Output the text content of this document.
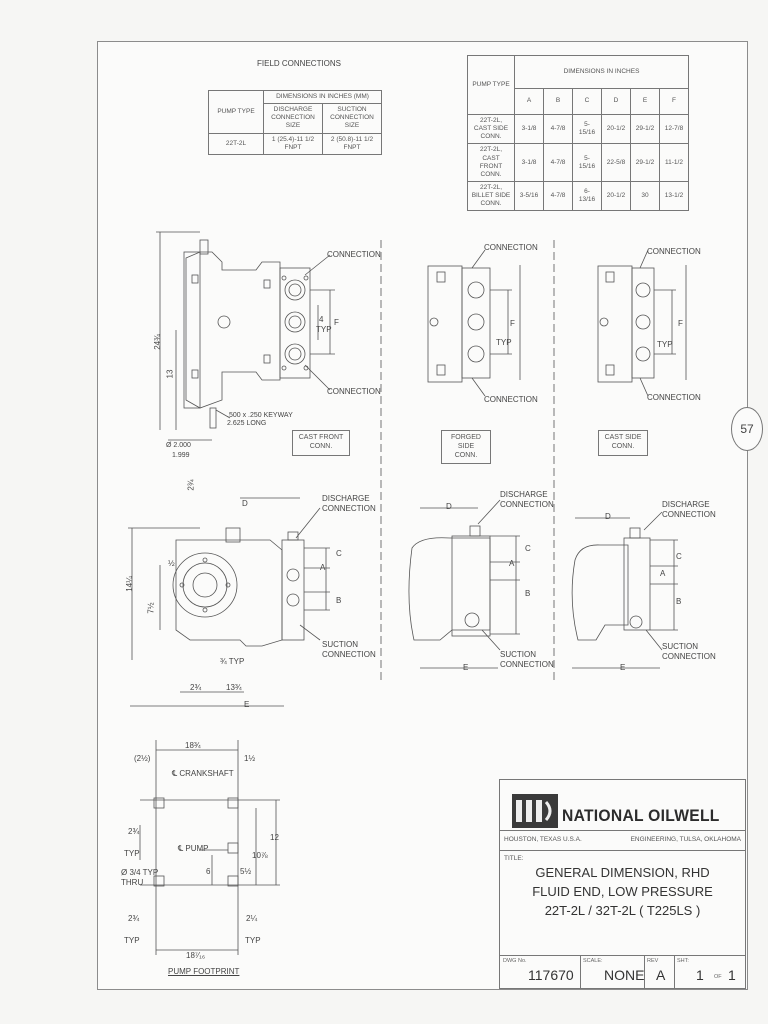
FIELD CONNECTIONS
PUMP TYPE	DIMENSIONS IN INCHES (MM)	
	DISCHARGE CONNECTION SIZE	SUCTION CONNECTION SIZE
22T-2L	1 (25.4)-11 1/2 FNPT	2 (50.8)-11 1/2 FNPT
PUMP TYPE	DIMENSIONS IN INCHES					
	A	B	C	D	E	F
22T-2L, CAST SIDE CONN.	3-1/8	4-7/8	5-15/16	20-1/2	29-1/2	12-7/8
22T-2L, CAST FRONT CONN.	3-1/8	4-7/8	5-15/16	22-5/8	29-1/2	11-1/2
22T-2L, BILLET SIDE CONN.	3-5/16	4-7/8	6-13/16	20-1/2	30	13-1/2
57
CONNECTION
CONNECTION
4
TYP
F
24¾
13
.500 x .250 KEYWAY 2.625 LONG
Ø 2.000
1.999
CAST FRONT CONN.
FORGED SIDE CONN.
CAST SIDE CONN.
CONNECTION
CONNECTION
TYP
F
CONNECTION
CONNECTION
TYP
F
DISCHARGE CONNECTION
SUCTION CONNECTION
D
E
C
A
B
14¼
7½
½
2¾
¾ TYP
2¾	13¾
DISCHARGE CONNECTION
SUCTION CONNECTION
D
E
C
A
B
DISCHARGE CONNECTION
SUCTION CONNECTION
D
E
C
A
B
18¾
(2½)	1½
℄ CRANKSHAFT
℄ PUMP
Ø 3/4 TYP THRU
12
10⅞
6	5½
2¾
TYP
2¾
TYP
2¼
TYP
18⁷⁄₁₆
PUMP FOOTPRINT
NATIONAL OILWELL
HOUSTON, TEXAS U.S.A.	ENGINEERING, TULSA, OKLAHOMA
TITLE:
GENERAL DIMENSION, RHD
FLUID END, LOW PRESSURE
22T-2L / 32T-2L ( T225LS )
DWG No.
117670
SCALE:
NONE
REV
A
SHT:
1 OF 1
